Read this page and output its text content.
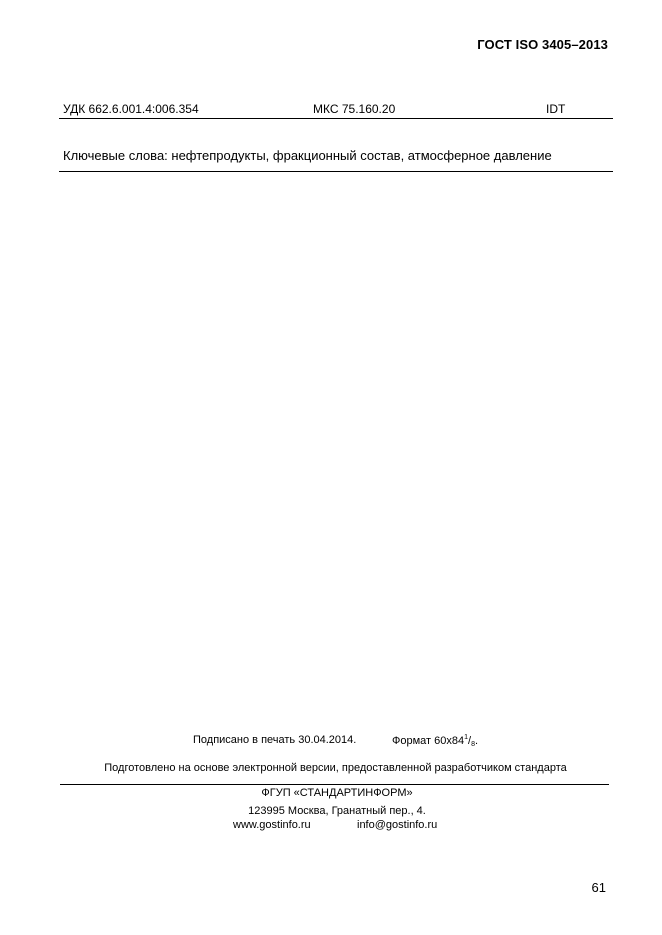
ГОСТ ISO 3405–2013
УДК 662.6.001.4:006.354	МКС 75.160.20	IDT
Ключевые слова: нефтепродукты, фракционный состав, атмосферное давление
Подписано в печать 30.04.2014.	Формат $60х84^1/_8$.
Подготовлено на основе электронной версии, предоставленной разработчиком стандарта
ФГУП «СТАНДАРТИНФОРМ»
123995 Москва, Гранатный пер., 4.
www.gostinfo.ru	info@gostinfo.ru
61
